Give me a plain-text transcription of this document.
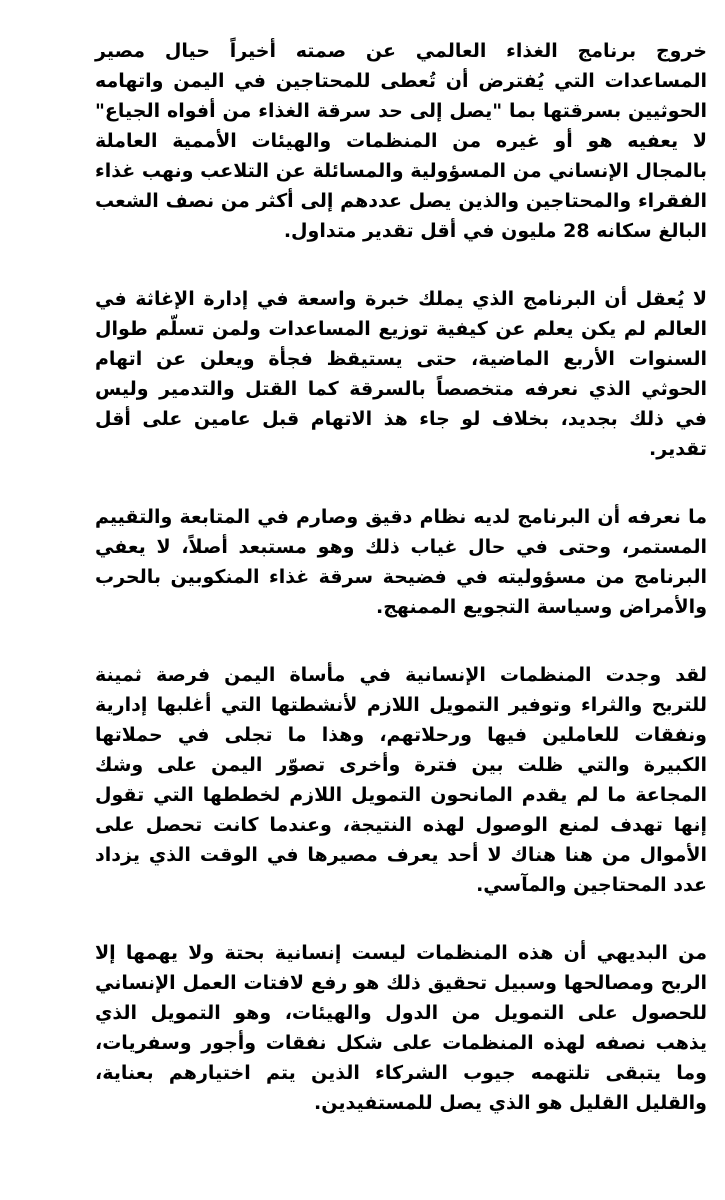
خروج برنامج الغذاء العالمي عن صمته أخيراً حيال مصير المساعدات التي يُفترض أن تُعطى للمحتاجين في اليمن واتهامه الحوثيين بسرقتها بما "يصل إلى حد سرقة الغذاء من أفواه الجياع" لا يعفيه هو أو غيره من المنظمات والهيئات الأممية العاملة بالمجال الإنساني من المسؤولية والمسائلة عن التلاعب ونهب غذاء الفقراء والمحتاجين والذين يصل عددهم إلى أكثر من نصف الشعب البالغ سكانه 28 مليون في أقل تقدير متداول.

لا يُعقل أن البرنامج الذي يملك خبرة واسعة في إدارة الإغاثة في العالم لم يكن يعلم عن كيفية توزيع المساعدات ولمن تسلّم طوال السنوات الأربع الماضية، حتى يستيقظ فجأة ويعلن عن اتهام الحوثي الذي نعرفه متخصصاً بالسرقة كما القتل والتدمير وليس في ذلك بجديد، بخلاف لو جاء هذ الاتهام قبل عامين على أقل تقدير.

ما نعرفه أن البرنامج لديه نظام دقيق وصارم في المتابعة والتقييم المستمر، وحتى في حال غياب ذلك وهو مستبعد أصلاً، لا يعفي البرنامج من مسؤوليته في فضيحة سرقة غذاء المنكوبين بالحرب والأمراض وسياسة التجويع الممنهج.

لقد وجدت المنظمات الإنسانية في مأساة اليمن فرصة ثمينة للتربح والثراء وتوفير التمويل اللازم لأنشطتها التي أغلبها إدارية ونفقات للعاملين فيها ورحلاتهم، وهذا ما تجلى في حملاتها الكبيرة والتي ظلت بين فترة وأخرى تصوّر اليمن على وشك المجاعة ما لم يقدم المانحون التمويل اللازم لخططها التي تقول إنها تهدف لمنع الوصول لهذه النتيجة، وعندما كانت تحصل على الأموال من هنا هناك لا أحد يعرف مصيرها في الوقت الذي يزداد عدد المحتاجين والمآسي.

من البديهي أن هذه المنظمات ليست إنسانية بحتة ولا يهمها إلا الربح ومصالحها وسبيل تحقيق ذلك هو رفع لافتات العمل الإنساني للحصول على التمويل من الدول والهيئات، وهو التمويل الذي يذهب نصفه لهذه المنظمات على شكل نفقات وأجور وسفريات، وما يتبقى تلتهمه جيوب الشركاء الذين يتم اختيارهم بعناية، والقليل القليل هو الذي يصل للمستفيدين.
